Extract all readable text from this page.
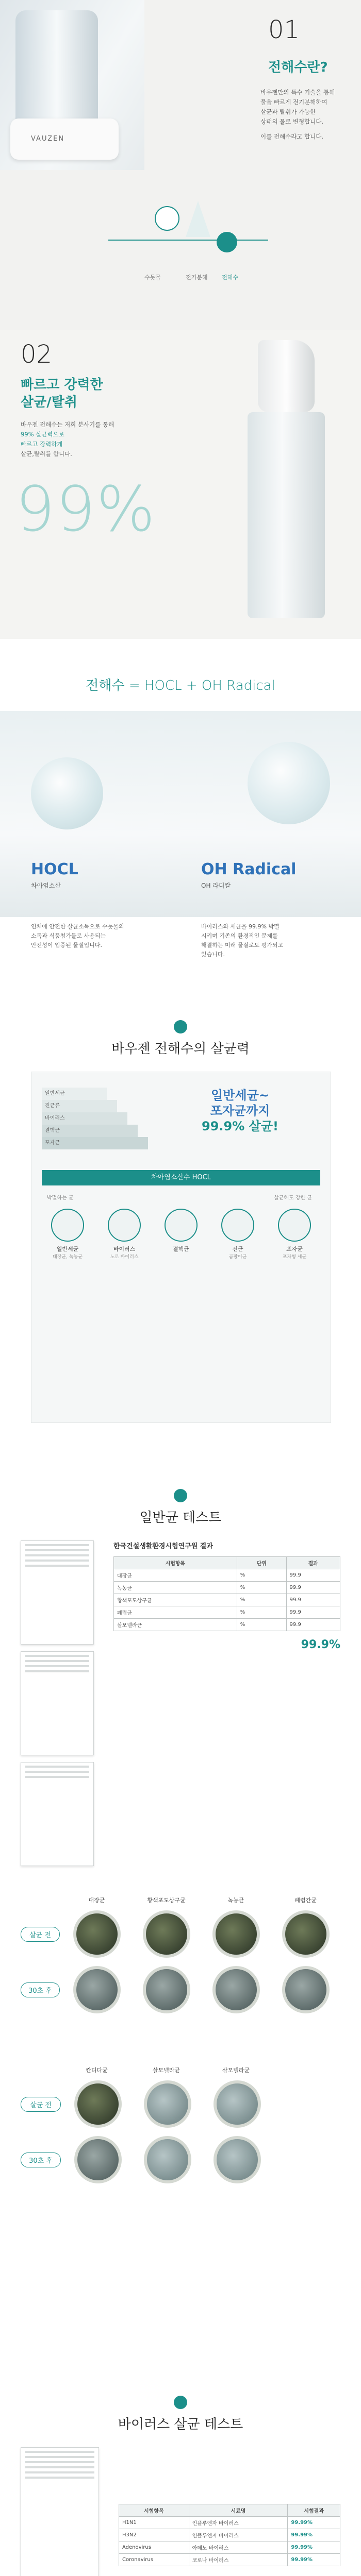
VAUZEN
01
전해수란?
바우젠만의 특수 기술을 통해
물을 빠르게 전기분해하여
살균과 탈취가 가능한
상태의 물로 변형합니다.
이를 전해수라고 합니다.
수돗물	전기분해 전해수
02
빠르고 강력한
살균/탈취
바우젠 전해수는 저희 분사기를 통해
99% 살균력으로
빠르고 강력하게
살균,탈취를 합니다.
99%
전해수 = HOCL + OH Radical
HOCL
차아염소산
OH Radical
OH 라디칼
인체에 안전한 살균소독으로 수돗물의
소독과 식품첨가물로 사용되는
안전성이 입증된 물질입니다.
바이러스와 세균을 99.9% 박멸
시키며 기존의 환경적인 문제를
해결하는 미래 물질로도 평가되고
있습니다.
바우젠 전해수의 살균력
일반세균
진균류
바이러스
결핵균
포자균
일반세균~
포자균까지
99.9% 살균!
차아염소산수 HOCL
박멸하는 균	살균해도 강한 균
일반세균
대장균, 녹농균
바이러스
노로 바이러스
결핵균	진균
곰팡이균
포자균
포자형 세균
일반균 테스트
한국건설생활환경시험연구원 결과
시험항목	단위	결과
대장균	%	99.9
녹농균	%	99.9
황색포도상구균	%	99.9
폐렴균	%	99.9
살모넬라균	%	99.9
99.9%
대장균	황색포도상구균	녹농균	폐렴간균
살균 전
30초 후
칸디다균	살모넬라균	살모넬라균
살균 전
30초 후
바이러스 살균 테스트
시험항목	시료명	시험결과
H1N1	인플루엔자 바이러스	99.99%
H3N2	인플루엔자 바이러스	99.99%
Adenovirus	아데노 바이러스	99.99%
Coronavirus	코로나 바이러스	99.99%
